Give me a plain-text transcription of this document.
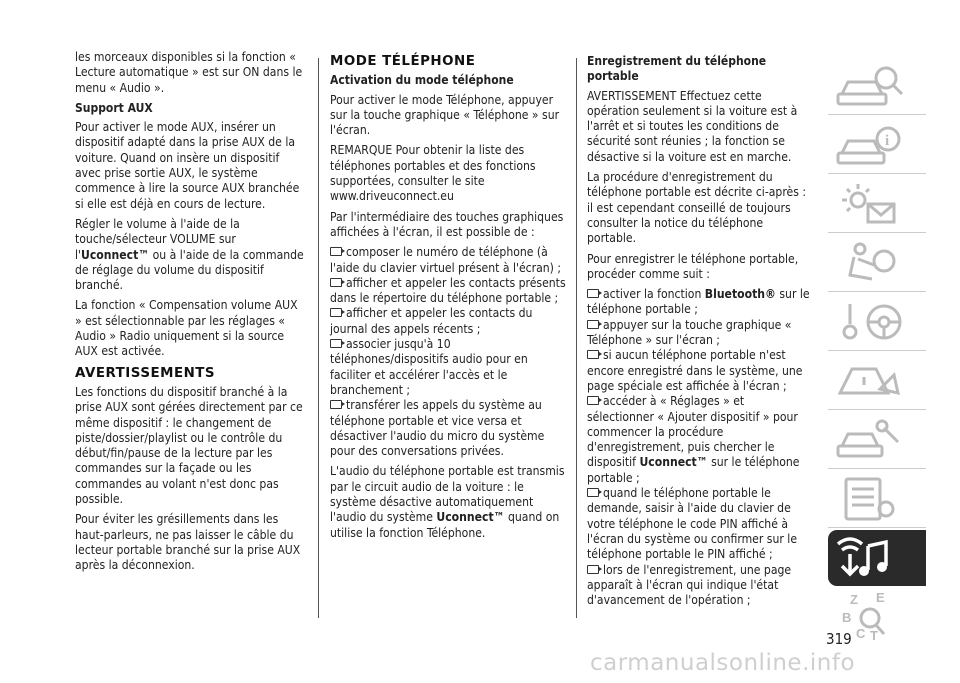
les morceaux disponibles si la fonction « Lecture automatique » est sur ON dans le menu « Audio ».

Support AUX

Pour activer le mode AUX, insérer un dispositif adapté dans la prise AUX de la voiture. Quand on insère un dispositif avec prise sortie AUX, le système commence à lire la source AUX branchée si elle est déjà en cours de lecture.

Régler le volume à l'aide de la touche/sélecteur VOLUME sur l'Uconnect™ ou à l'aide de la commande de réglage du volume du dispositif branché.

La fonction « Compensation volume AUX » est sélectionnable par les réglages « Audio » Radio uniquement si la source AUX est activée.

AVERTISSEMENTS

Les fonctions du dispositif branché à la prise AUX sont gérées directement par ce même dispositif : le changement de piste/dossier/playlist ou le contrôle du début/fin/pause de la lecture par les commandes sur la façade ou les commandes au volant n'est donc pas possible.

Pour éviter les grésillements dans les haut-parleurs, ne pas laisser le câble du lecteur portable branché sur la prise AUX après la déconnexion.

MODE TÉLÉPHONE
Activation du mode téléphone

Pour activer le mode Téléphone, appuyer sur la touche graphique « Téléphone » sur l'écran.

REMARQUE Pour obtenir la liste des téléphones portables et des fonctions supportées, consulter le site www.driveuconnect.eu

Par l'intermédiaire des touches graphiques affichées à l'écran, il est possible de :

composer le numéro de téléphone (à l'aide du clavier virtuel présent à l'écran) ;
afficher et appeler les contacts présents dans le répertoire du téléphone portable ;
afficher et appeler les contacts du journal des appels récents ;
associer jusqu'à 10 téléphones/dispositifs audio pour en faciliter et accélérer l'accès et le branchement ;
transférer les appels du système au téléphone portable et vice versa et désactiver l'audio du micro du système pour des conversations privées.

L'audio du téléphone portable est transmis par le circuit audio de la voiture : le système désactive automatiquement l'audio du système Uconnect™ quand on utilise la fonction Téléphone.

Enregistrement du téléphone portable

AVERTISSEMENT Effectuez cette opération seulement si la voiture est à l'arrêt et si toutes les conditions de sécurité sont réunies ; la fonction se désactive si la voiture est en marche.

La procédure d'enregistrement du téléphone portable est décrite ci-après : il est cependant conseillé de toujours consulter la notice du téléphone portable.

Pour enregistrer le téléphone portable, procéder comme suit :

activer la fonction Bluetooth® sur le téléphone portable ;
appuyer sur la touche graphique « Téléphone » sur l'écran ;
si aucun téléphone portable n'est encore enregistré dans le système, une page spéciale est affichée à l'écran ;
accéder à « Réglages » et sélectionner « Ajouter dispositif » pour commencer la procédure d'enregistrement, puis chercher le dispositif Uconnect™ sur le téléphone portable ;
quand le téléphone portable le demande, saisir à l'aide du clavier de votre téléphone le code PIN affiché à l'écran du système ou confirmer sur le téléphone portable le PIN affiché ;
lors de l'enregistrement, une page apparaît à l'écran qui indique l'état d'avancement de l'opération ;
i
Z E
B
C T
319
carmanualsonline.info
